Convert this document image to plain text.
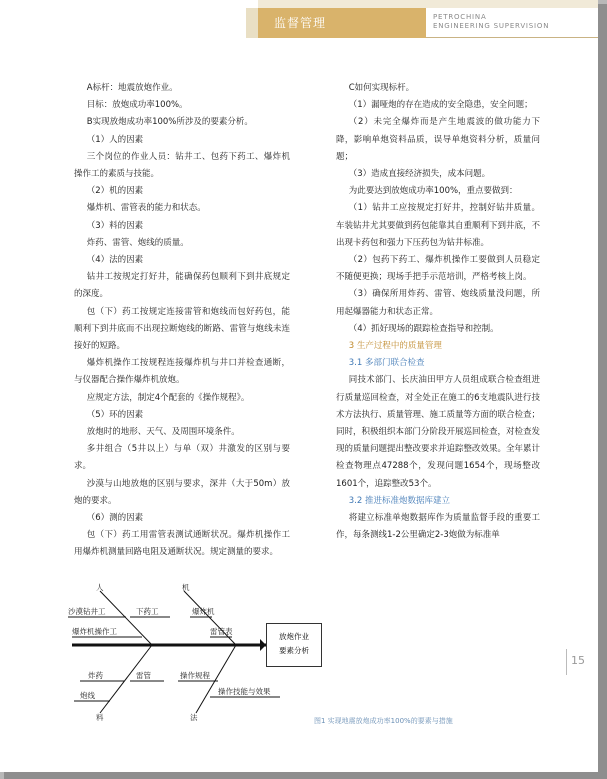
监督管理	PETROCHINA
ENGINEERING SUPERVISION

A标杆：地震放炮作业。

目标：放炮成功率100%。

B实现放炮成功率100%所涉及的要素分析。

（1）人的因素

三个岗位的作业人员：钻井工、包药下药工、爆炸机操作工的素质与技能。

（2）机的因素

爆炸机、雷管表的能力和状态。

（3）料的因素

炸药、雷管、炮线的质量。

（4）法的因素

钻井工按规定打好井，能确保药包顺利下到井底规定的深度。

包（下）药工按规定连接雷管和炮线而包好药包，能顺利下到井底而不出现拉断炮线的断路、雷管与炮线未连接好的短路。

爆炸机操作工按规程连接爆炸机与井口并检查通断，与仪器配合操作爆炸机放炮。

应规定方法，制定4个配套的《操作规程》。

（5）环的因素

放炮时的地形、天气、及周围环境条件。

多井组合（5井以上）与单（双）井激发的区别与要求。

沙漠与山地放炮的区别与要求，深井（大于50m）放炮的要求。

（6）测的因素

包（下）药工用雷管表测试通断状况。爆炸机操作工用爆炸机测量回路电阻及通断状况。规定测量的要求。

C如何实现标杆。

（1）漏哑炮的存在造成的安全隐患，安全问题；

（2）未完全爆炸而是产生地震波的做功能力下降，影响单炮资料品质，误导单炮资料分析，质量问题；

（3）造成直接经济损失，成本问题。

为此要达到放炮成功率100%，重点要做到：

（1）钻井工应按规定打好井，控制好钻井质量。车装钻井尤其要做到药包能靠其自重顺利下到井底，不出现卡药包和强力下压药包为钻井标准。

（2）包药下药工、爆炸机操作工要做到人员稳定不随便更换；现场手把手示范培训，严格考核上岗。

（3）确保所用炸药、雷管、炮线质量没问题，所用起爆器能力和状态正常。

（4）抓好现场的跟踪检查指导和控制。

3 生产过程中的质量管理

3.1 多部门联合检查

同技术部门、长庆油田甲方人员组成联合检查组进行质量巡回检查，对全处正在施工的6支地震队进行技术方法执行、质量管理、施工质量等方面的联合检查；同时，积极组织本部门分阶段开展巡回检查，对检查发现的质量问题提出整改要求并追踪整改效果。全年累计检查物理点47288个，发现问题1654个，现场整改1601个，追踪整改53个。

3.2 推进标准炮数据库建立

将建立标准单炮数据库作为质量监督手段的重要工作，每条测线1-2公里确定2-3炮做为标准单

人	机
沙漠钻井工	下药工
爆炸机操作工
爆炸机
雷管表
炸药	雷管
炮线
操作规程
操作技能与效果
料	法
放炮作业
要素分析
图1 实现地震放炮成功率100%的要素与措施
15
